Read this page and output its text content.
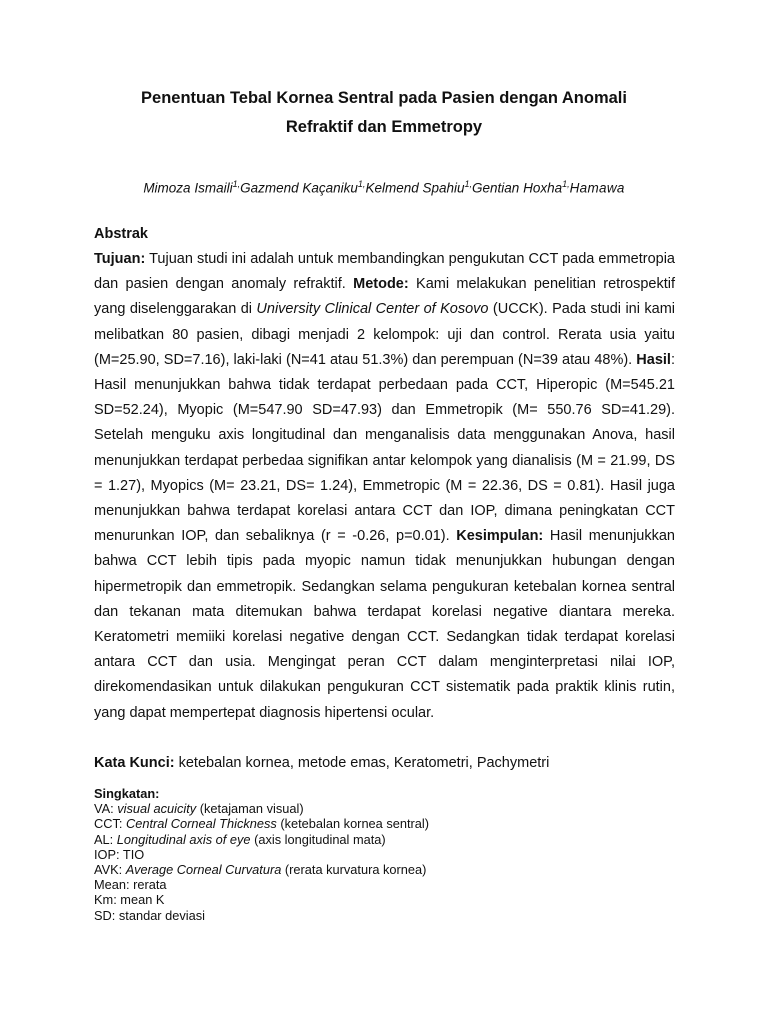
Penentuan Tebal Kornea Sentral pada Pasien dengan Anomali
Refraktif dan Emmetropy
Mimoza Ismaili$^{1,}$Gazmend Kaçaniku$^{1,}$Kelmend Spahiu$^{1,}$Gentian Hoxha$^{1,}$Hamawa
Abstrak
Tujuan: Tujuan studi ini adalah untuk membandingkan pengukutan CCT pada emmetropia dan pasien dengan anomaly refraktif. Metode: Kami melakukan penelitian retrospektif yang diselenggarakan di University Clinical Center of Kosovo (UCCK). Pada studi ini kami melibatkan 80 pasien, dibagi menjadi 2 kelompok: uji dan control. Rerata usia yaitu (M=25.90, SD=7.16), laki-laki (N=41 atau 51.3%) dan perempuan (N=39 atau 48%). Hasil: Hasil menunjukkan bahwa tidak terdapat perbedaan pada CCT, Hiperopic (M=545.21 SD=52.24), Myopic (M=547.90 SD=47.93) dan Emmetropik (M= 550.76 SD=41.29). Setelah menguku axis longitudinal dan menganalisis data menggunakan Anova, hasil menunjukkan terdapat perbedaa signifikan antar kelompok yang dianalisis (M = 21.99, DS = 1.27), Myopics (M= 23.21, DS= 1.24), Emmetropic (M = 22.36, DS = 0.81). Hasil juga menunjukkan bahwa terdapat korelasi antara CCT dan IOP, dimana peningkatan CCT menurunkan IOP, dan sebaliknya (r = -0.26, p=0.01). Kesimpulan: Hasil menunjukkan bahwa CCT lebih tipis pada myopic namun tidak menunjukkan hubungan dengan hipermetropik dan emmetropik. Sedangkan selama pengukuran ketebalan kornea sentral dan tekanan mata ditemukan bahwa terdapat korelasi negative diantara mereka. Keratometri memiiki korelasi negative dengan CCT. Sedangkan tidak terdapat korelasi antara CCT dan usia. Mengingat peran CCT dalam menginterpretasi nilai IOP, direkomendasikan untuk dilakukan pengukuran CCT sistematik pada praktik klinis rutin, yang dapat mempertepat diagnosis hipertensi ocular.
Kata Kunci: ketebalan kornea, metode emas, Keratometri, Pachymetri
Singkatan:
VA: visual acuicity (ketajaman visual)
CCT: Central Corneal Thickness (ketebalan kornea sentral)
AL: Longitudinal axis of eye (axis longitudinal mata)
IOP: TIO
AVK: Average Corneal Curvatura (rerata kurvatura kornea)
Mean: rerata
Km: mean K
SD: standar deviasi
